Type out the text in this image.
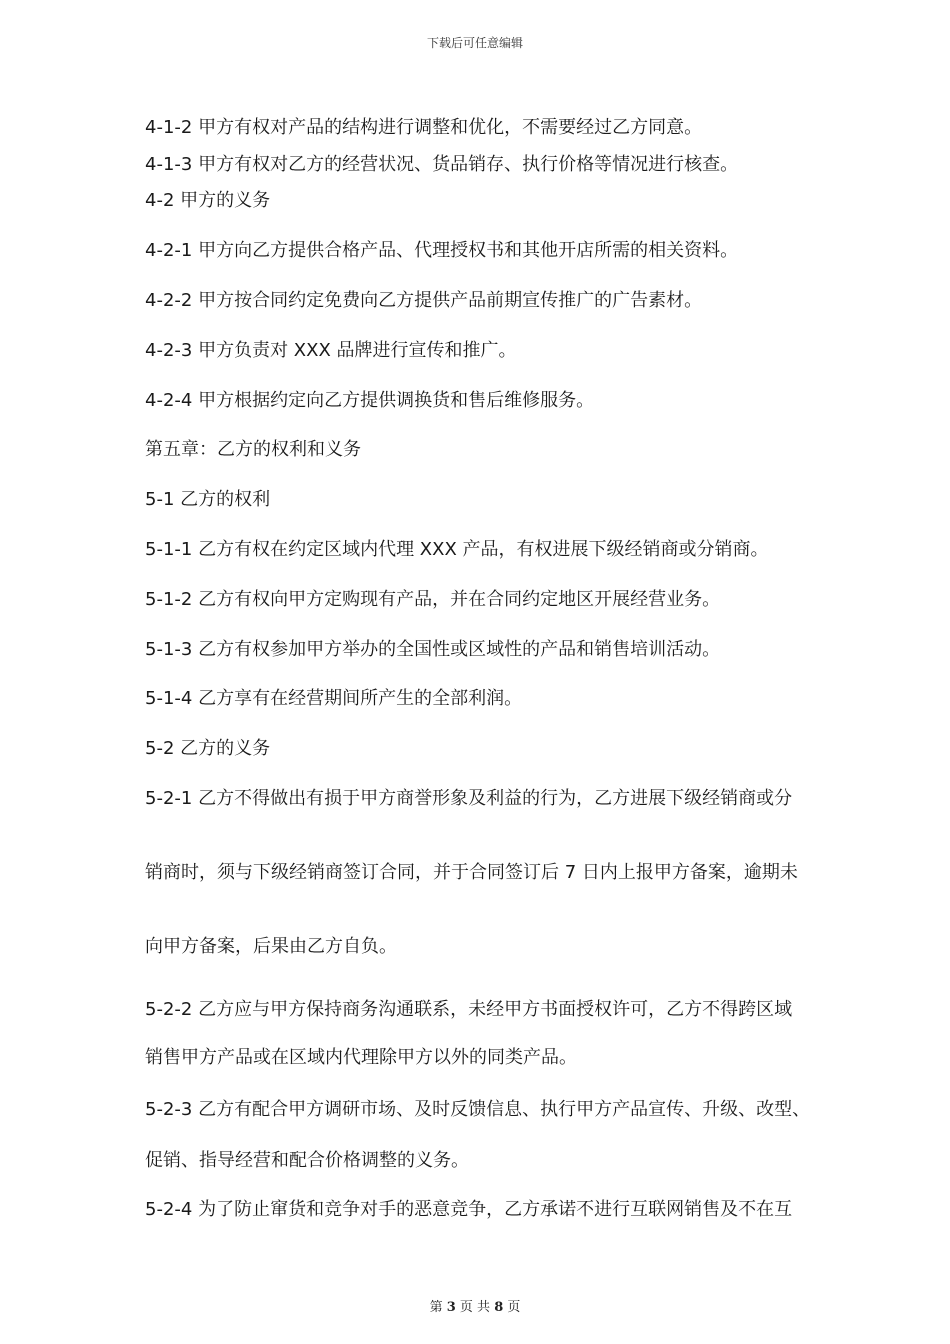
下载后可任意编辑
4-1-2 甲方有权对产品的结构进行调整和优化，不需要经过乙方同意。
4-1-3 甲方有权对乙方的经营状况、货品销存、执行价格等情况进行核查。
4-2 甲方的义务
4-2-1 甲方向乙方提供合格产品、代理授权书和其他开店所需的相关资料。
4-2-2 甲方按合同约定免费向乙方提供产品前期宣传推广的广告素材。
4-2-3 甲方负责对 XXX 品牌进行宣传和推广。
4-2-4 甲方根据约定向乙方提供调换货和售后维修服务。
第五章：乙方的权利和义务
5-1 乙方的权利
5-1-1 乙方有权在约定区域内代理 XXX 产品，有权进展下级经销商或分销商。
5-1-2 乙方有权向甲方定购现有产品，并在合同约定地区开展经营业务。
5-1-3 乙方有权参加甲方举办的全国性或区域性的产品和销售培训活动。
5-1-4 乙方享有在经营期间所产生的全部利润。
5-2 乙方的义务
5-2-1 乙方不得做出有损于甲方商誉形象及利益的行为，乙方进展下级经销商或分
销商时，须与下级经销商签订合同，并于合同签订后 7 日内上报甲方备案，逾期未
向甲方备案，后果由乙方自负。
5-2-2 乙方应与甲方保持商务沟通联系，未经甲方书面授权许可，乙方不得跨区域
销售甲方产品或在区域内代理除甲方以外的同类产品。
5-2-3 乙方有配合甲方调研市场、及时反馈信息、执行甲方产品宣传、升级、改型、
促销、指导经营和配合价格调整的义务。
5-2-4 为了防止窜货和竞争对手的恶意竞争，乙方承诺不进行互联网销售及不在互
第 3 页 共 8 页
